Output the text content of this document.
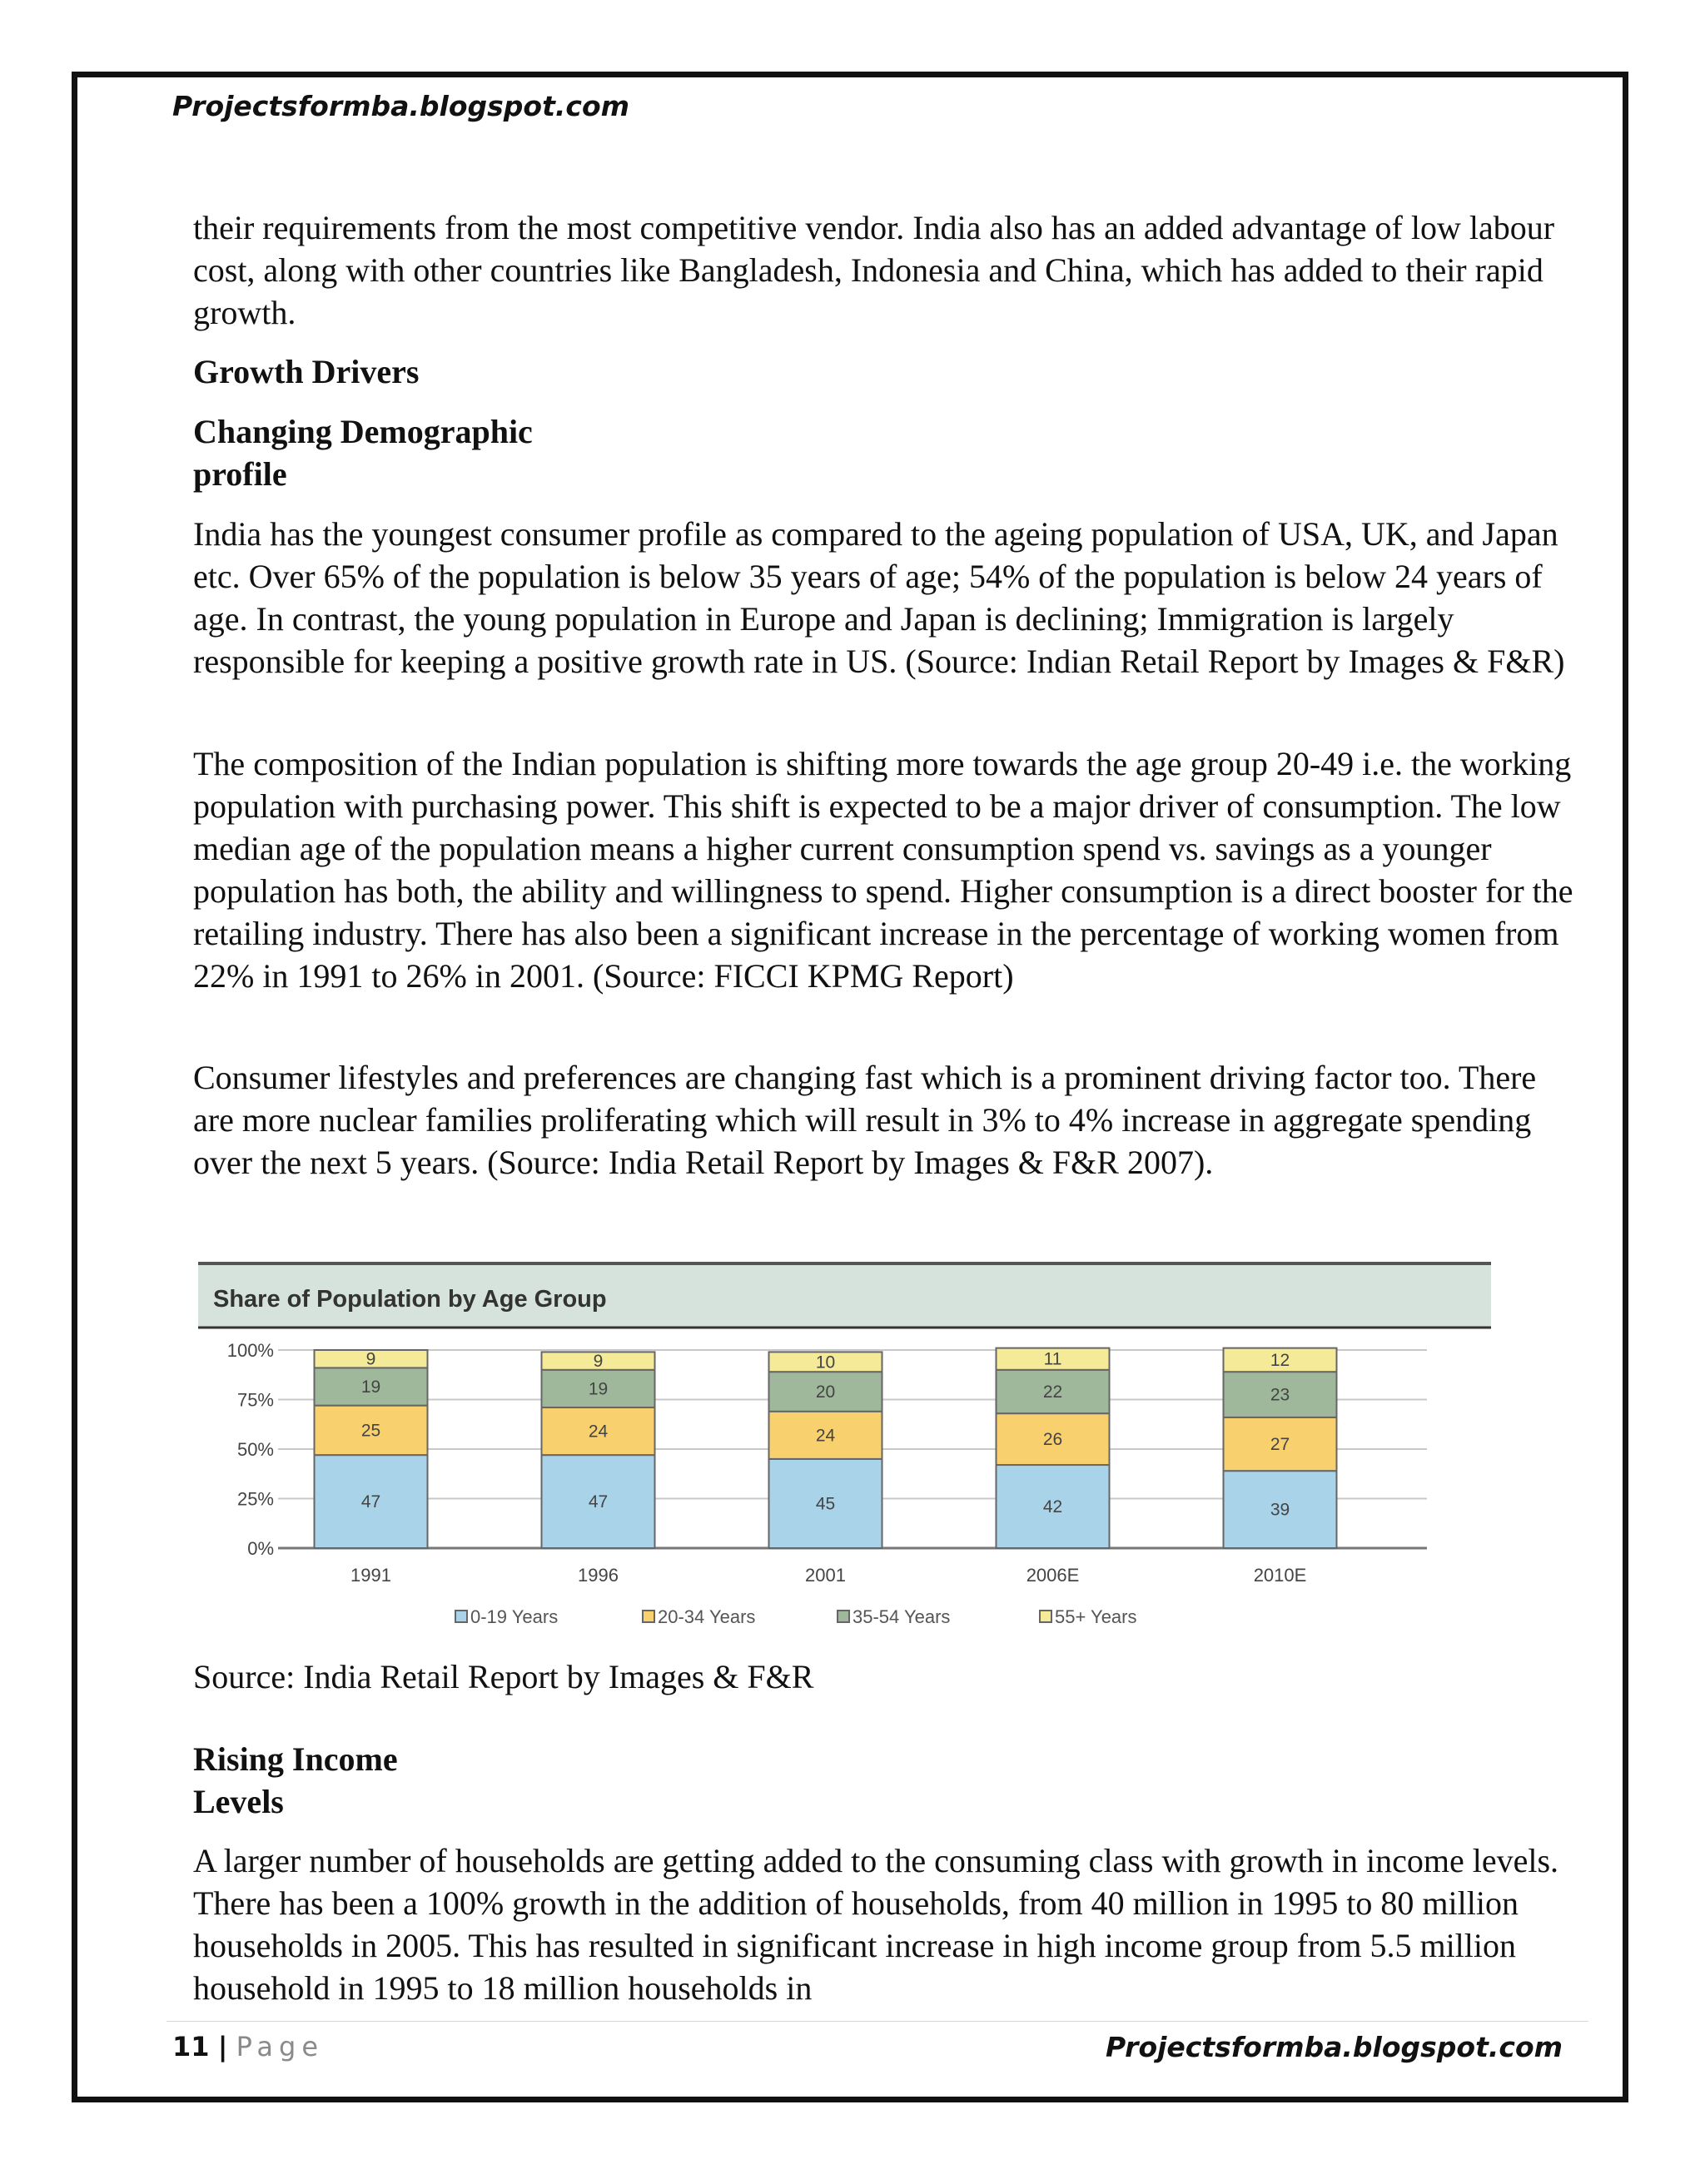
Projectsformba.blogspot.com

their requirements from the most competitive vendor. India also has an added advantage of low labour cost, along with other countries like Bangladesh, Indonesia and China, which has added to their rapid growth.

Growth Drivers
Changing Demographic
profile

India has the youngest consumer profile as compared to the ageing population of USA, UK, and Japan etc. Over 65% of the population is below 35 years of age; 54% of the population is below 24 years of age. In contrast, the young population in Europe and Japan is declining; Immigration is largely responsible for keeping a positive growth rate in US. (Source: Indian Retail Report by Images & F&R)

The composition of the Indian population is shifting more towards the age group 20-49 i.e. the working population with purchasing power. This shift is expected to be a major driver of consumption. The low median age of the population means a higher current consumption spend vs. savings as a younger population has both, the ability and willingness to spend. Higher consumption is a direct booster for the retailing industry. There has also been a significant increase in the percentage of working women from 22% in 1991 to 26% in 2001. (Source: FICCI KPMG Report)

Consumer lifestyles and preferences are changing fast which is a prominent driving factor too. There are more nuclear families proliferating which will result in 3% to 4% increase in aggregate spending over the next 5 years. (Source: India Retail Report by Images & F&R 2007).

Share of Population by Age Group
0%
25%
50%
75%
100%
47
25
19
9
1991
47
24
19
9
1996
45
24
20
10
2001
42
26
22
11
2006E
39
27
23
12
2010E
0-19 Years	20-34 Years	35-54 Years	55+ Years

Source: India Retail Report by Images & F&R

Rising Income
Levels

A larger number of households are getting added to the consuming class with growth in income levels. There has been a 100% growth in the addition of households, from 40 million in 1995 to 80 million households in 2005. This has resulted in significant increase in high income group from 5.5 million household in 1995 to 18 million households in

11 | Page	Projectsformba.blogspot.com
